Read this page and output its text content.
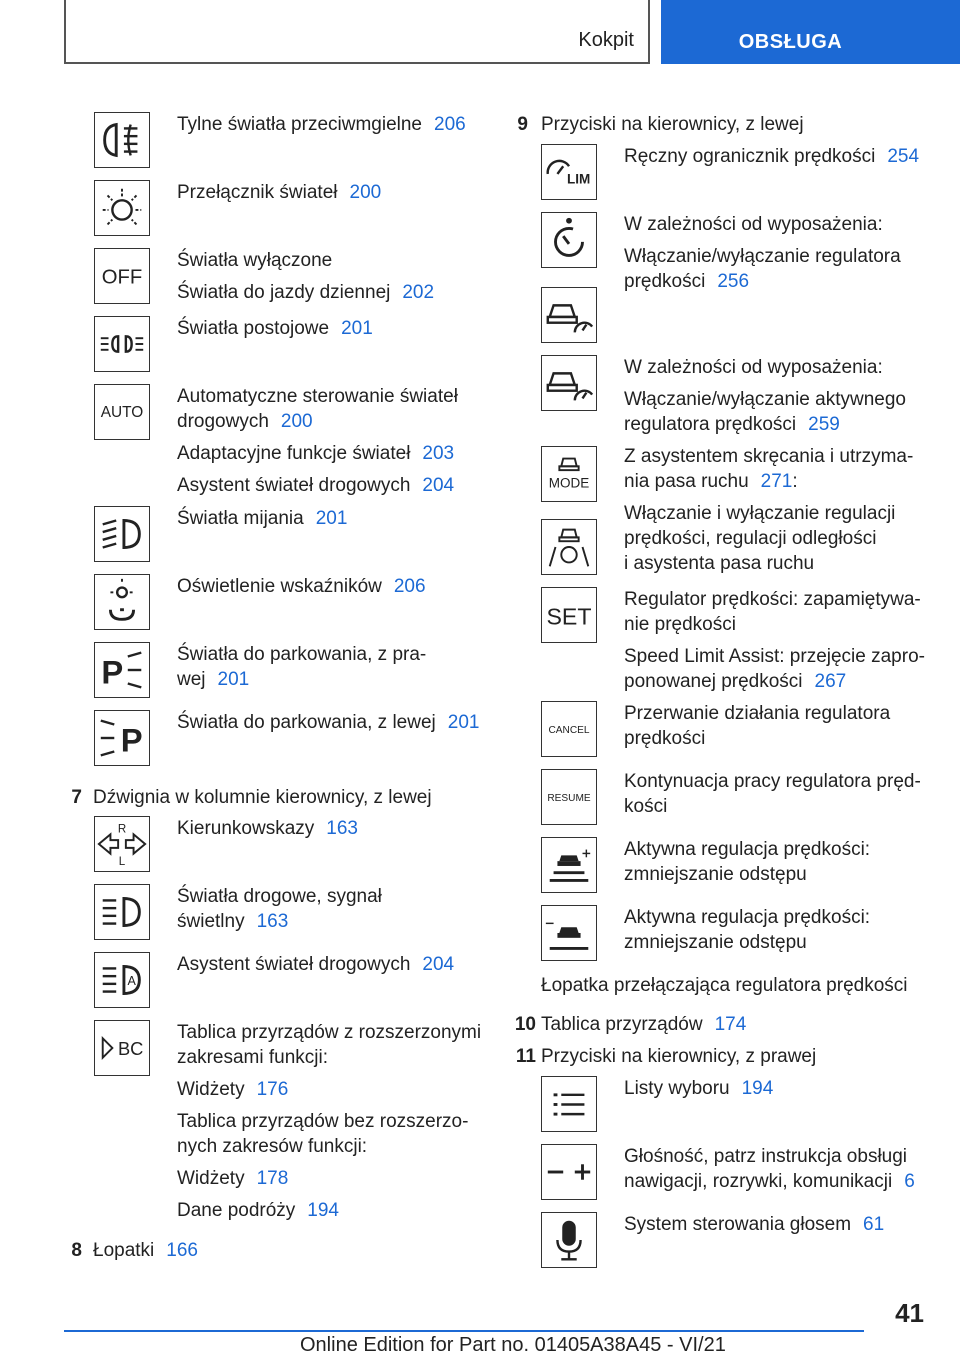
Kokpit	OBSŁUGA
OFF
AUTO
P
P
R
L
A
BC
Tylne światła przeciwmgielne 206
Przełącznik świateł 200
Światła wyłączone
Światła do jazdy dziennej 202
Światła postojowe 201
Automatyczne sterowanie świateł
drogowych 200
Adaptacyjne funkcje świateł 203
Asystent świateł drogowych 204
Światła mijania 201
Oświetlenie wskaźników 206
Światła do parkowania, z pra-
wej 201
Światła do parkowania, z lewej 201
7 Dźwignia w kolumnie kierownicy, z lewej
Kierunkowskazy 163
Światła drogowe, sygnał
świetlny 163
Asystent świateł drogowych 204
Tablica przyrządów z rozszerzonymi
zakresami funkcji:
Widżety 176
Tablica przyrządów bez rozszerzo-
nych zakresów funkcji:
Widżety 178
Dane podróży 194
8 Łopatki 166
9 Przyciski na kierownicy, z lewej
LIM
MODE
SET
CANCEL
RESUME
Ręczny ogranicznik prędkości 254
W zależności od wyposażenia:
Włączanie/wyłączanie regulatora
prędkości 256
W zależności od wyposażenia:
Włączanie/wyłączanie aktywnego
regulatora prędkości 259
Z asystentem skręcania i utrzyma-
nia pasa ruchu 271:
Włączanie i wyłączanie regulacji
prędkości, regulacji odległości
i asystenta pasa ruchu
Regulator prędkości: zapamiętywa-
nie prędkości
Speed Limit Assist: przejęcie zapro-
ponowanej prędkości 267
Przerwanie działania regulatora
prędkości
Kontynuacja pracy regulatora pręd-
kości
Aktywna regulacja prędkości:
zmniejszanie odstępu
Aktywna regulacja prędkości:
zmniejszanie odstępu
Łopatka przełączająca regulatora prędkości
10 Tablica przyrządów 174
11 Przyciski na kierownicy, z prawej
Listy wyboru 194
Głośność, patrz instrukcja obsługi
nawigacji, rozrywki, komunikacji 6
System sterowania głosem 61
41
Online Edition for Part no. 01405A38A45 - VI/21
